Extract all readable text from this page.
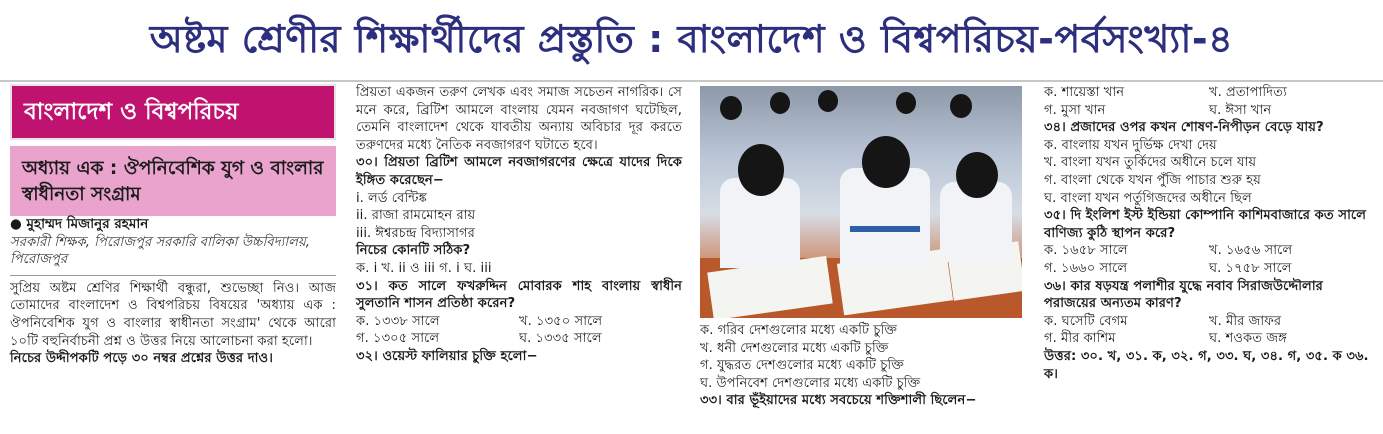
অষ্টম শ্রেণীর শিক্ষার্থীদের প্রস্তুতি : বাংলাদেশ ও বিশ্বপরিচয়-পর্বসংখ্যা-৪
বাংলাদেশ ও বিশ্বপরিচয়
অধ্যায় এক : ঔপনিবেশিক যুগ ও বাংলার স্বাধীনতা সংগ্রাম

● মুহাম্মদ মিজানুর রহমান

সরকারী শিক্ষক, পিরোজপুর সরকারি বালিকা উচ্চবিদ্যালয়, পিরোজপুর

সুপ্রিয় অষ্টম শ্রেণির শিক্ষার্থী বন্ধুরা, শুভেচ্ছা নিও। আজ তোমাদের বাংলাদেশ ও বিশ্বপরিচয় বিষয়ের 'অধ্যায় এক : ঔপনিবেশিক যুগ ও বাংলার স্বাধীনতা সংগ্রাম' থেকে আরো ১০টি বহুনির্বাচনী প্রশ্ন ও উত্তর নিয়ে আলোচনা করা হলো।

নিচের উদ্দীপকটি পড়ে ৩০ নম্বর প্রশ্নের উত্তর দাও।

প্রিয়তা একজন তরুণ লেখক এবং সমাজ সচেতন নাগরিক। সে মনে করে, ব্রিটিশ আমলে বাংলায় যেমন নবজাগণ ঘটেছিল, তেমনি বাংলাদেশ থেকে যাবতীয় অন্যায় অবিচার দূর করতে তরুণদের মধ্যে নৈতিক নবজাগরণ ঘটাতে হবে।

৩০। প্রিয়তা ব্রিটিশ আমলে নবজাগরণের ক্ষেত্রে যাদের দিকে ইঙ্গিত করেছেন−

i. লর্ড বেন্টিঙ্ক

ii. রাজা রামমোহন রায়

iii. ঈশ্বরচন্দ্র বিদ্যাসাগর

নিচের কোনটি সঠিক?

ক. i খ. ii ও iii গ. i ঘ. iii

৩১। কত সালে ফখরুদ্দিন মোবারক শাহ বাংলায় স্বাধীন সুলতানি শাসন প্রতিষ্ঠা করেন?

ক. ১৩৩৮ সালে	খ. ১৩৫০ সালে
গ. ১৩০৫ সালে	ঘ. ১৩৩৫ সালে

৩২। ওয়েস্ট ফালিয়ার চুক্তি হলো−

ক. গরিব দেশগুলোর মধ্যে একটি চুক্তি

খ. ধনী দেশগুলোর মধ্যে একটি চুক্তি

গ. যুদ্ধরত দেশগুলোর মধ্যে একটি চুক্তি

ঘ. উপনিবেশ দেশগুলোর মধ্যে একটি চুক্তি

৩৩। বার ভূঁইয়াদের মধ্যে সবচেয়ে শক্তিশালী ছিলেন−

ক. শায়েস্তা খান	খ. প্রতাপাদিত্য
গ. মুসা খান	ঘ. ঈসা খান

৩৪। প্রজাদের ওপর কখন শোষণ-নিপীড়ন বেড়ে যায়?

ক. বাংলায় যখন দুর্ভিক্ষ দেখা দেয়

খ. বাংলা যখন তুর্কিদের অধীনে চলে যায়

গ. বাংলা থেকে যখন পুঁজি পাচার শুরু হয়

ঘ. বাংলা যখন পর্তুগিজদের অধীনে ছিল

৩৫। দি ইংলিশ ইস্ট ইন্ডিয়া কোম্পানি কাশিমবাজারে কত সালে বাণিজ্য কুঠি স্থাপন করে?

ক. ১৬৫৮ সালে	খ. ১৬৫৬ সালে
গ. ১৬৬০ সালে	ঘ. ১৭৫৮ সালে

৩৬। কার ষড়যন্ত্র পলাশীর যুদ্ধে নবাব সিরাজউদ্দৌলার পরাজয়ের অন্যতম কারণ?

ক. ঘসেটি বেগম	খ. মীর জাফর
গ. মীর কাশিম	ঘ. শওকত জঙ্গ

উত্তর: ৩০. খ, ৩১. ক, ৩২. গ, ৩৩. ঘ, ৩৪. গ, ৩৫. ক ৩৬. ক।
